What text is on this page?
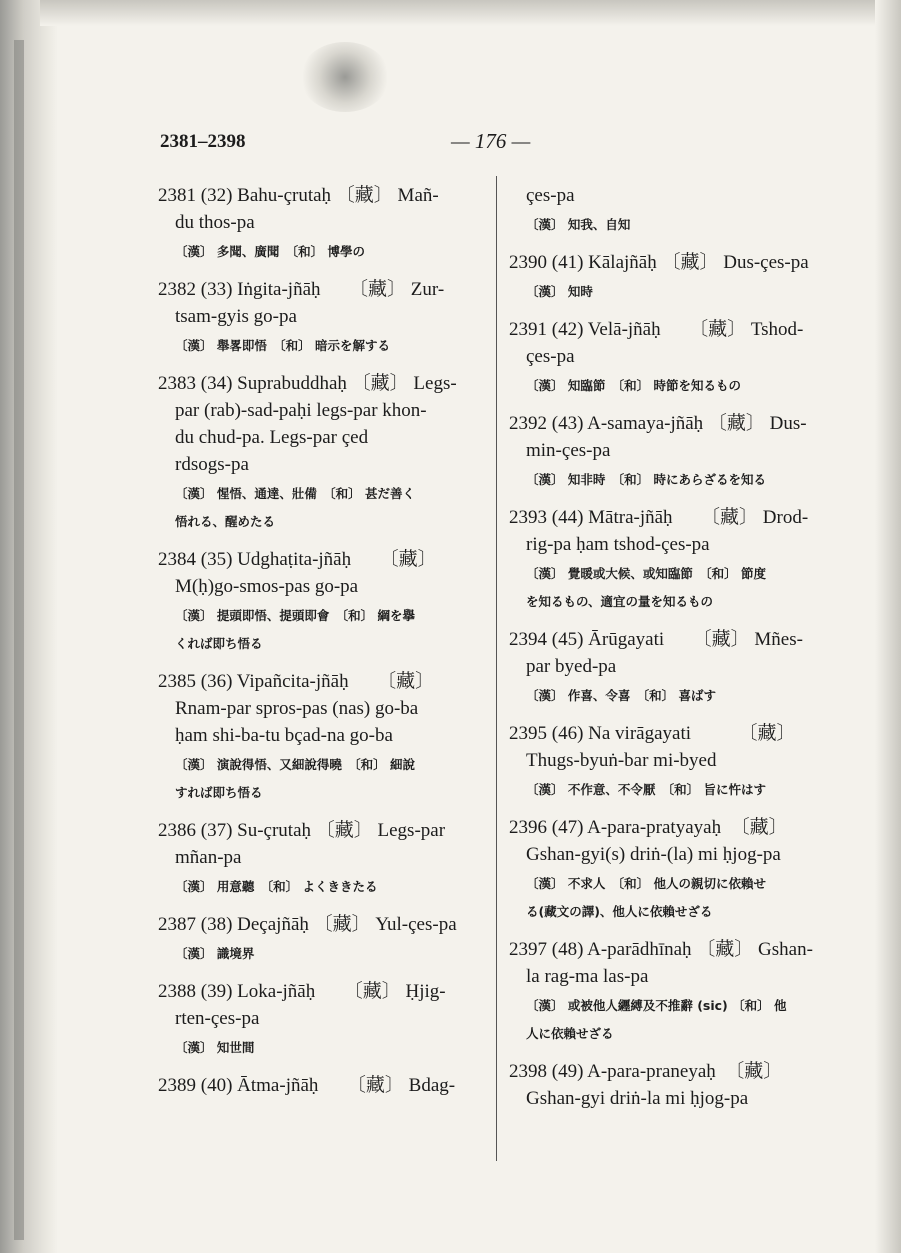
2381–2398	— 176 —
2381 (32) Bahu-çrutaḥ 〔藏〕 Mañ-
du thos-pa
〔漢〕 多聞、廣聞　〔和〕 博學の
2382 (33) Iṅgita-jñāḥ　　〔藏〕 Zur-
tsam-gyis go-pa
〔漢〕 舉畧即悟　〔和〕 暗示を解する
2383 (34) Suprabuddhaḥ 〔藏〕 Legs-
par (rab)-sad-paḥi legs-par khon-
du chud-pa. Legs-par çed
rdsogs-pa
〔漢〕 惺悟、通達、壯備　〔和〕 甚だ善く
悟れる、醒めたる
2384 (35) Udghaṭita-jñāḥ　　〔藏〕
M(ḥ)go-smos-pas go-pa
〔漢〕 提頭即悟、提頭即會　〔和〕 綱を擧
くれば即ち悟る
2385 (36) Vipañcita-jñāḥ　　〔藏〕
Rnam-par spros-pas (nas) go-ba
ḥam shi-ba-tu bçad-na go-ba
〔漢〕 演說得悟、又細說得曉　〔和〕 細說
すれば即ち悟る
2386 (37) Su-çrutaḥ 〔藏〕 Legs-par
mñan-pa
〔漢〕 用意聽　〔和〕 よくききたる
2387 (38) Deçajñāḥ 〔藏〕 Yul-çes-pa
〔漢〕 識境界
2388 (39) Loka-jñāḥ　　〔藏〕 Ḥjig-
rten-çes-pa
〔漢〕 知世間
2389 (40) Ātma-jñāḥ　　〔藏〕 Bdag-
çes-pa
〔漢〕 知我、自知
2390 (41) Kālajñāḥ 〔藏〕 Dus-çes-pa
〔漢〕 知時
2391 (42) Velā-jñāḥ　　〔藏〕 Tshod-
çes-pa
〔漢〕 知臨節　〔和〕 時節を知るもの
2392 (43) A-samaya-jñāḥ 〔藏〕 Dus-
min-çes-pa
〔漢〕 知非時　〔和〕 時にあらざるを知る
2393 (44) Mātra-jñāḥ　　〔藏〕 Drod-
rig-pa ḥam tshod-çes-pa
〔漢〕 覺暖或大候、或知臨節　〔和〕 節度
を知るもの、適宜の量を知るもの
2394 (45) Ārūgayati　　〔藏〕 Mñes-
par byed-pa
〔漢〕 作喜、令喜　〔和〕 喜ばす
2395 (46) Na virāgayati　　　〔藏〕
Thugs-byuṅ-bar mi-byed
〔漢〕 不作意、不令厭　〔和〕 旨に忤はす
2396 (47) A-para-pratyayaḥ　〔藏〕
Gshan-gyi(s) driṅ-(la) mi ḥjog-pa
〔漢〕 不求人　〔和〕 他人の親切に依賴せ
る(藏文の譯)、他人に依賴せざる
2397 (48) A-parādhīnaḥ 〔藏〕 Gshan-
la rag-ma las-pa
〔漢〕 或被他人纒縛及不推辭 (sic) 〔和〕 他
人に依賴せざる
2398 (49) A-para-praneyaḥ　〔藏〕
Gshan-gyi driṅ-la mi ḥjog-pa
